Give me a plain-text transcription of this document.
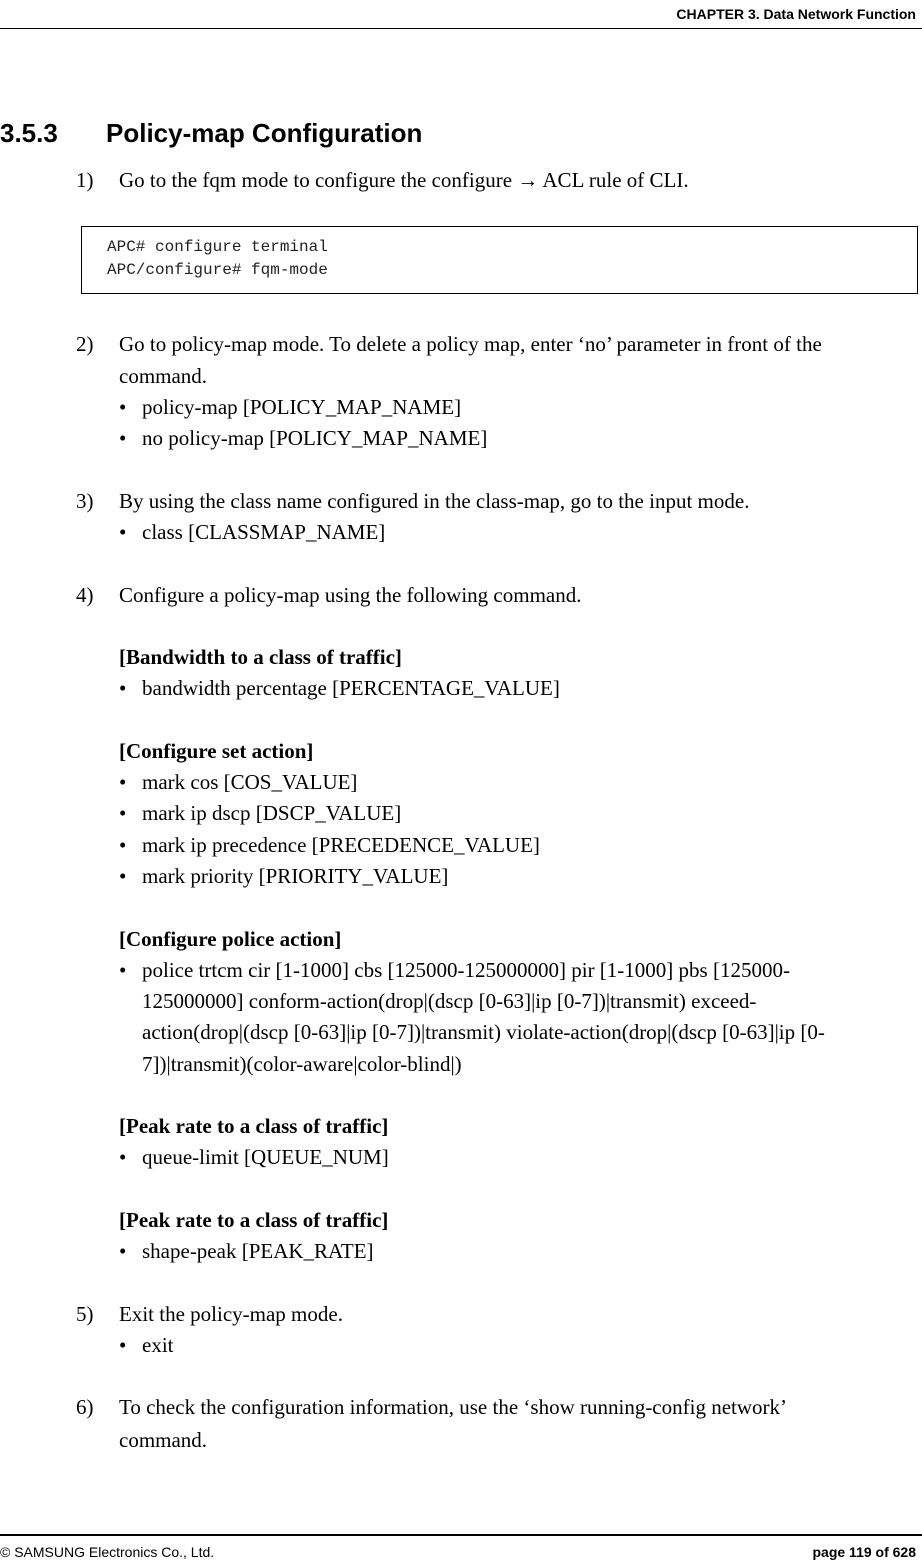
CHAPTER 3. Data Network Function
3.5.3 Policy-map Configuration
1) Go to the fqm mode to configure the configure → ACL rule of CLI.
APC# configure terminal
APC/configure# fqm-mode
2) Go to policy-map mode. To delete a policy map, enter ‘no’ parameter in front of the
command.
• policy-map [POLICY_MAP_NAME]
• no policy-map [POLICY_MAP_NAME]
3) By using the class name configured in the class-map, go to the input mode.
• class [CLASSMAP_NAME]
4) Configure a policy-map using the following command.
[Bandwidth to a class of traffic]
• bandwidth percentage [PERCENTAGE_VALUE]
[Configure set action]
• mark cos [COS_VALUE]
• mark ip dscp [DSCP_VALUE]
• mark ip precedence [PRECEDENCE_VALUE]
• mark priority [PRIORITY_VALUE]
[Configure police action]
• police trtcm cir [1-1000] cbs [125000-125000000] pir [1-1000] pbs [125000-
125000000] conform-action(drop|(dscp [0-63]|ip [0-7])|transmit) exceed-
action(drop|(dscp [0-63]|ip [0-7])|transmit) violate-action(drop|(dscp [0-63]|ip [0-
7])|transmit)(color-aware|color-blind|)
[Peak rate to a class of traffic]
• queue-limit [QUEUE_NUM]
[Peak rate to a class of traffic]
• shape-peak [PEAK_RATE]
5) Exit the policy-map mode.
• exit
6) To check the configuration information, use the ‘show running-config network’
command.
© SAMSUNG Electronics Co., Ltd.	page 119 of 628
